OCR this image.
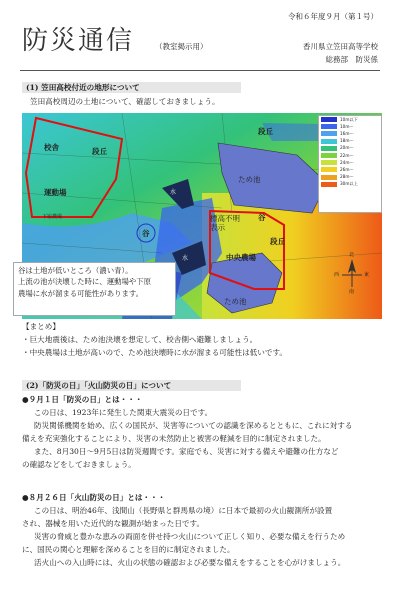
令和６年度９月（第１号）
防災通信	（教室掲示用）	香川県立笠田高等学校
総務部　防災係
(1) 笠田高校付近の地形について
笠田高校周辺の土地について、確認しておきましょう。
校舎	段丘
段丘
運動場
下宿農場
ため池
ため池
水
水
谷
谷
標高不明
表示
段丘
中央農場	北
南
東
西
10m以下
10m〜
16m〜
18m〜
20m〜
22m〜
24m〜
26m〜
28m〜
30m以上
谷は土地が低いところ（濃い青）。
上流の池が決壊した時に、運動場や下原
農場に水が溜まる可能性があります。
【まとめ】
・巨大地震後は、ため池決壊を想定して、校舎側へ避難しましょう。
・中央農場は土地が高いので、ため池決壊時に水が溜まる可能性は低いです。
(2)「防災の日」「火山防災の日」について
●９月１日「防災の日」とは・・・
この日は、1923年に発生した関東大震災の日です。
防災関係機関を始め、広くの国民が、災害等についての認識を深めるとともに、これに対する
備えを充実強化することにより、災害の未然防止と被害の軽減を目的に制定されました。
また、8月30日〜9月5日は防災週間です。家庭でも、災害に対する備えや避難の仕方など
の確認などをしておきましょう。
●８月２６日「火山防災の日」とは・・・
この日は、明治46年、浅間山（長野県と群馬県の境）に日本で最初の火山観測所が設置
され、器械を用いた近代的な観測が始まった日です。
災害の脅威と豊かな恵みの両面を併せ持つ火山について正しく知り、必要な備えを行うため
に、国民の関心と理解を深めることを目的に制定されました。
活火山への入山時には、火山の状態の確認および必要な備えをすることを心がけましょう。
